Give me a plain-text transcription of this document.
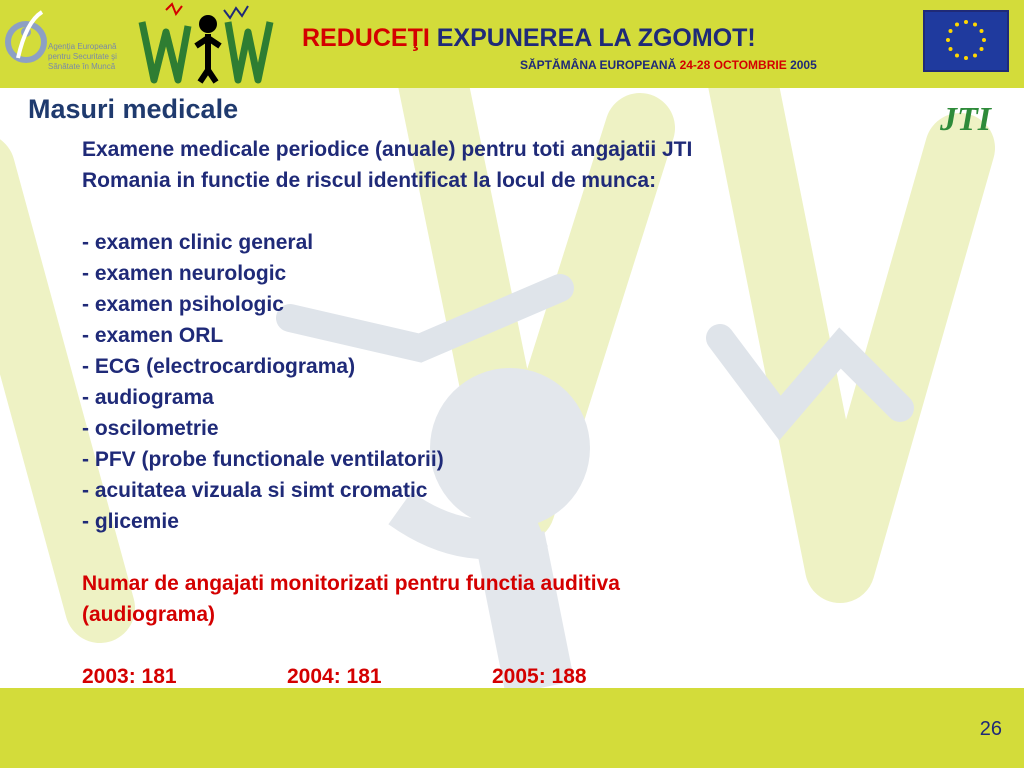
Agenţia Europeană
pentru Securitate şi
Sănătate în Muncă
REDUCEŢI EXPUNEREA LA ZGOMOT!
SĂPTĂMÂNA EUROPEANĂ 24-28 OCTOMBRIE 2005
Masuri medicale	JTI
Examene medicale periodice (anuale) pentru toti angajatii JTI
Romania in functie de riscul identificat la locul de munca:
- examen clinic general
- examen neurologic
- examen psihologic
- examen ORL
- ECG (electrocardiograma)
- audiograma
- oscilometrie
- PFV (probe functionale ventilatorii)
- acuitatea vizuala si simt cromatic
- glicemie
Numar de angajati monitorizati pentru functia auditiva
(audiograma)
2003: 181	2004: 181	2005: 188
26
